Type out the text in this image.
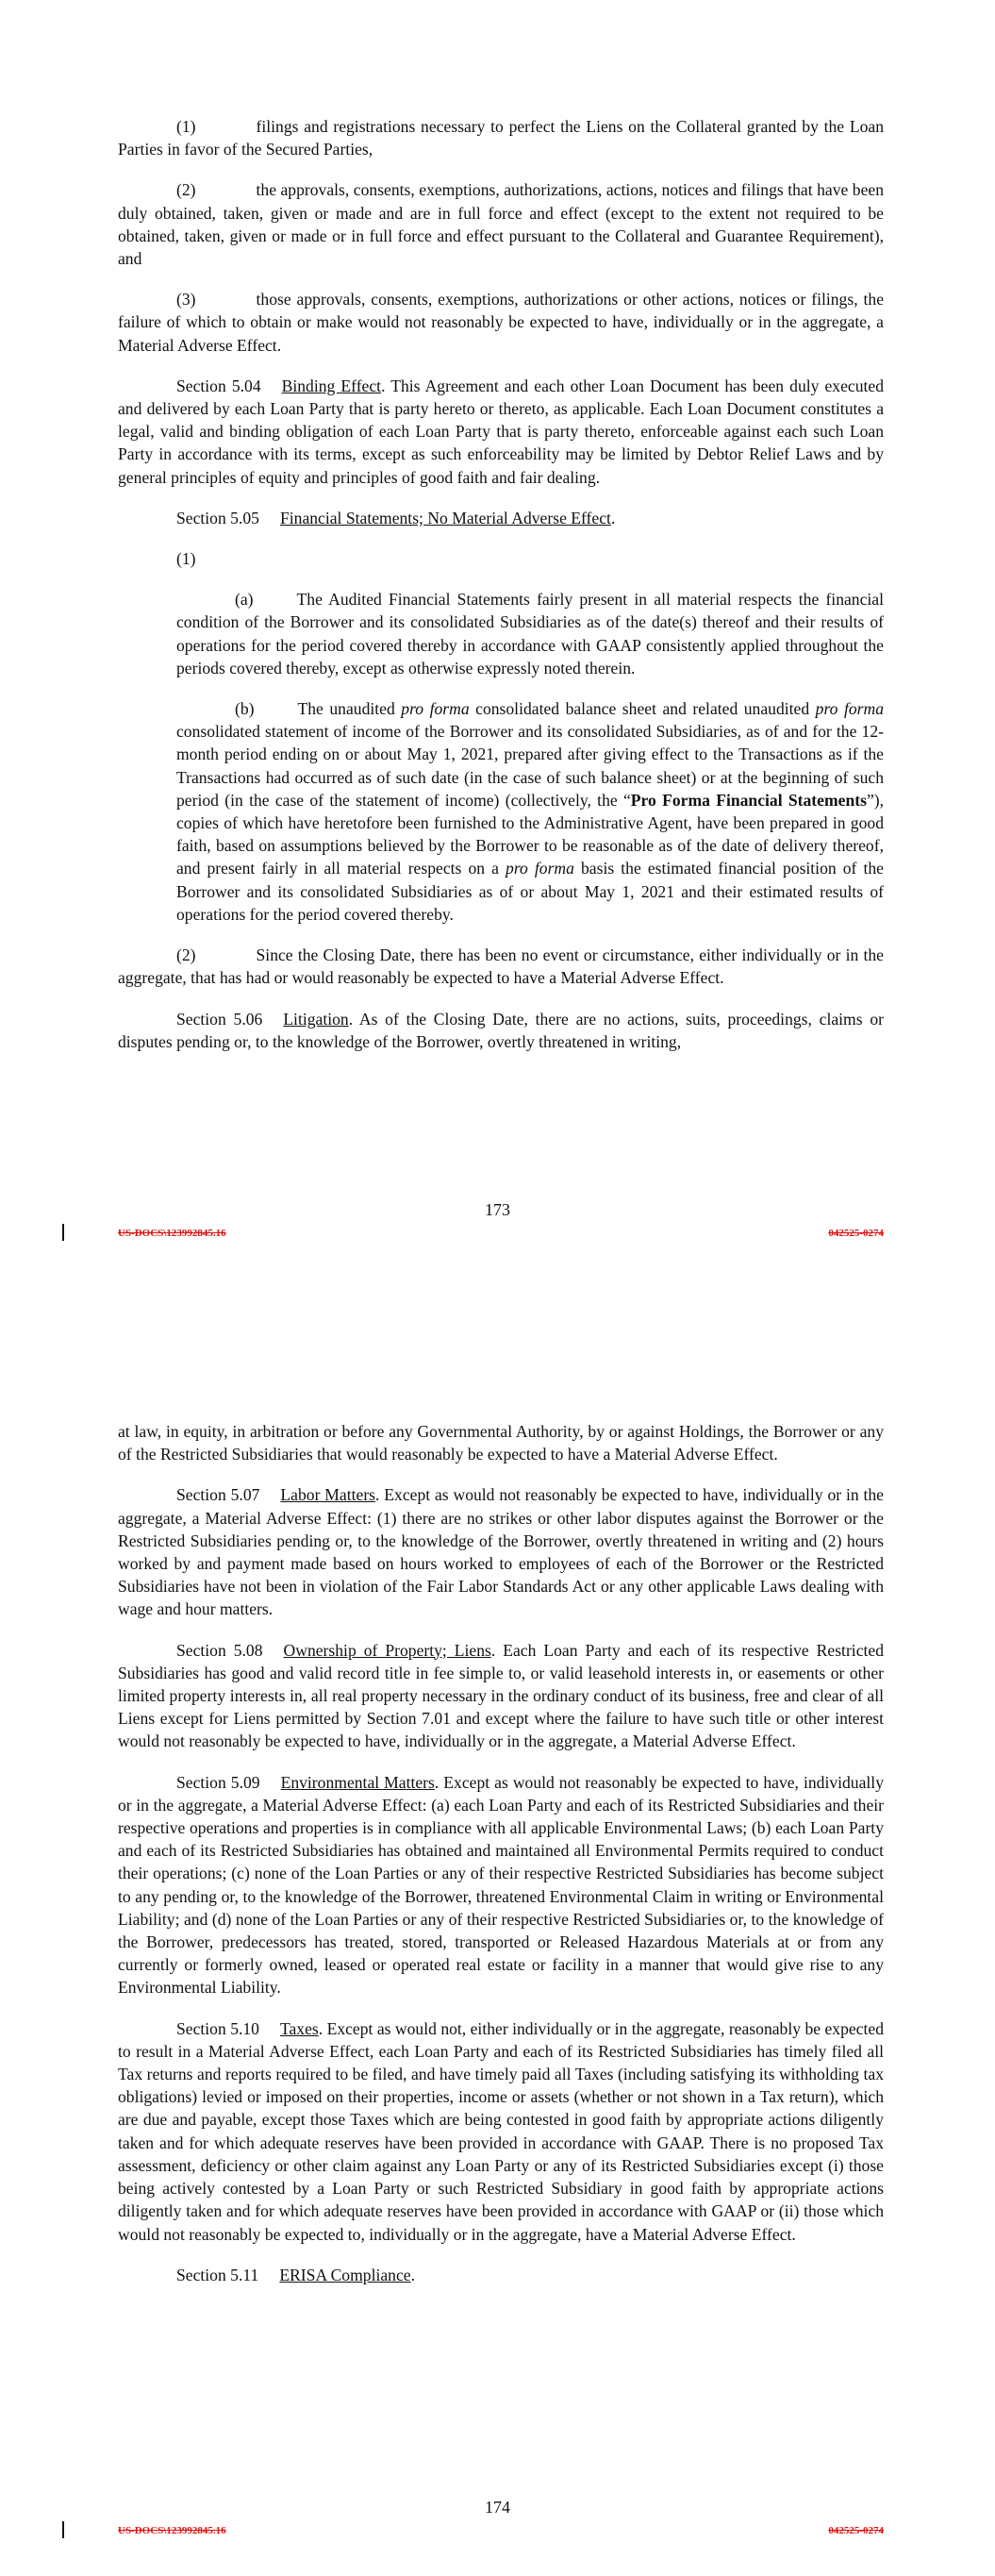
(1)	filings and registrations necessary to perfect the Liens on the Collateral granted by the Loan Parties in favor of the Secured Parties,

(2)	the approvals, consents, exemptions, authorizations, actions, notices and filings that have been duly obtained, taken, given or made and are in full force and effect (except to the extent not required to be obtained, taken, given or made or in full force and effect pursuant to the Collateral and Guarantee Requirement), and

(3)	those approvals, consents, exemptions, authorizations or other actions, notices or filings, the failure of which to obtain or make would not reasonably be expected to have, individually or in the aggregate, a Material Adverse Effect.

Section 5.04 Binding Effect. This Agreement and each other Loan Document has been duly executed and delivered by each Loan Party that is party hereto or thereto, as applicable. Each Loan Document constitutes a legal, valid and binding obligation of each Loan Party that is party thereto, enforceable against each such Loan Party in accordance with its terms, except as such enforceability may be limited by Debtor Relief Laws and by general principles of equity and principles of good faith and fair dealing.

Section 5.05 Financial Statements; No Material Adverse Effect.

(1)

(a)	The Audited Financial Statements fairly present in all material respects the financial condition of the Borrower and its consolidated Subsidiaries as of the date(s) thereof and their results of operations for the period covered thereby in accordance with GAAP consistently applied throughout the periods covered thereby, except as otherwise expressly noted therein.

(b)	The unaudited pro forma consolidated balance sheet and related unaudited pro forma consolidated statement of income of the Borrower and its consolidated Subsidiaries, as of and for the 12-month period ending on or about May 1, 2021, prepared after giving effect to the Transactions as if the Transactions had occurred as of such date (in the case of such balance sheet) or at the beginning of such period (in the case of the statement of income) (collectively, the “Pro Forma Financial Statements”), copies of which have heretofore been furnished to the Administrative Agent, have been prepared in good faith, based on assumptions believed by the Borrower to be reasonable as of the date of delivery thereof, and present fairly in all material respects on a pro forma basis the estimated financial position of the Borrower and its consolidated Subsidiaries as of or about May 1, 2021 and their estimated results of operations for the period covered thereby.

(2)	Since the Closing Date, there has been no event or circumstance, either individually or in the aggregate, that has had or would reasonably be expected to have a Material Adverse Effect.

Section 5.06 Litigation. As of the Closing Date, there are no actions, suits, proceedings, claims or disputes pending or, to the knowledge of the Borrower, overtly threatened in writing,

173
US-DOCS\123992845.16	042525-0274

at law, in equity, in arbitration or before any Governmental Authority, by or against Holdings, the Borrower or any of the Restricted Subsidiaries that would reasonably be expected to have a Material Adverse Effect.

Section 5.07 Labor Matters. Except as would not reasonably be expected to have, individually or in the aggregate, a Material Adverse Effect: (1) there are no strikes or other labor disputes against the Borrower or the Restricted Subsidiaries pending or, to the knowledge of the Borrower, overtly threatened in writing and (2) hours worked by and payment made based on hours worked to employees of each of the Borrower or the Restricted Subsidiaries have not been in violation of the Fair Labor Standards Act or any other applicable Laws dealing with wage and hour matters.

Section 5.08 Ownership of Property; Liens. Each Loan Party and each of its respective Restricted Subsidiaries has good and valid record title in fee simple to, or valid leasehold interests in, or easements or other limited property interests in, all real property necessary in the ordinary conduct of its business, free and clear of all Liens except for Liens permitted by Section 7.01 and except where the failure to have such title or other interest would not reasonably be expected to have, individually or in the aggregate, a Material Adverse Effect.

Section 5.09 Environmental Matters. Except as would not reasonably be expected to have, individually or in the aggregate, a Material Adverse Effect: (a) each Loan Party and each of its Restricted Subsidiaries and their respective operations and properties is in compliance with all applicable Environmental Laws; (b) each Loan Party and each of its Restricted Subsidiaries has obtained and maintained all Environmental Permits required to conduct their operations; (c) none of the Loan Parties or any of their respective Restricted Subsidiaries has become subject to any pending or, to the knowledge of the Borrower, threatened Environmental Claim in writing or Environmental Liability; and (d) none of the Loan Parties or any of their respective Restricted Subsidiaries or, to the knowledge of the Borrower, predecessors has treated, stored, transported or Released Hazardous Materials at or from any currently or formerly owned, leased or operated real estate or facility in a manner that would give rise to any Environmental Liability.

Section 5.10 Taxes. Except as would not, either individually or in the aggregate, reasonably be expected to result in a Material Adverse Effect, each Loan Party and each of its Restricted Subsidiaries has timely filed all Tax returns and reports required to be filed, and have timely paid all Taxes (including satisfying its withholding tax obligations) levied or imposed on their properties, income or assets (whether or not shown in a Tax return), which are due and payable, except those Taxes which are being contested in good faith by appropriate actions diligently taken and for which adequate reserves have been provided in accordance with GAAP. There is no proposed Tax assessment, deficiency or other claim against any Loan Party or any of its Restricted Subsidiaries except (i) those being actively contested by a Loan Party or such Restricted Subsidiary in good faith by appropriate actions diligently taken and for which adequate reserves have been provided in accordance with GAAP or (ii) those which would not reasonably be expected to, individually or in the aggregate, have a Material Adverse Effect.

Section 5.11 ERISA Compliance.

174
US-DOCS\123992845.16	042525-0274
